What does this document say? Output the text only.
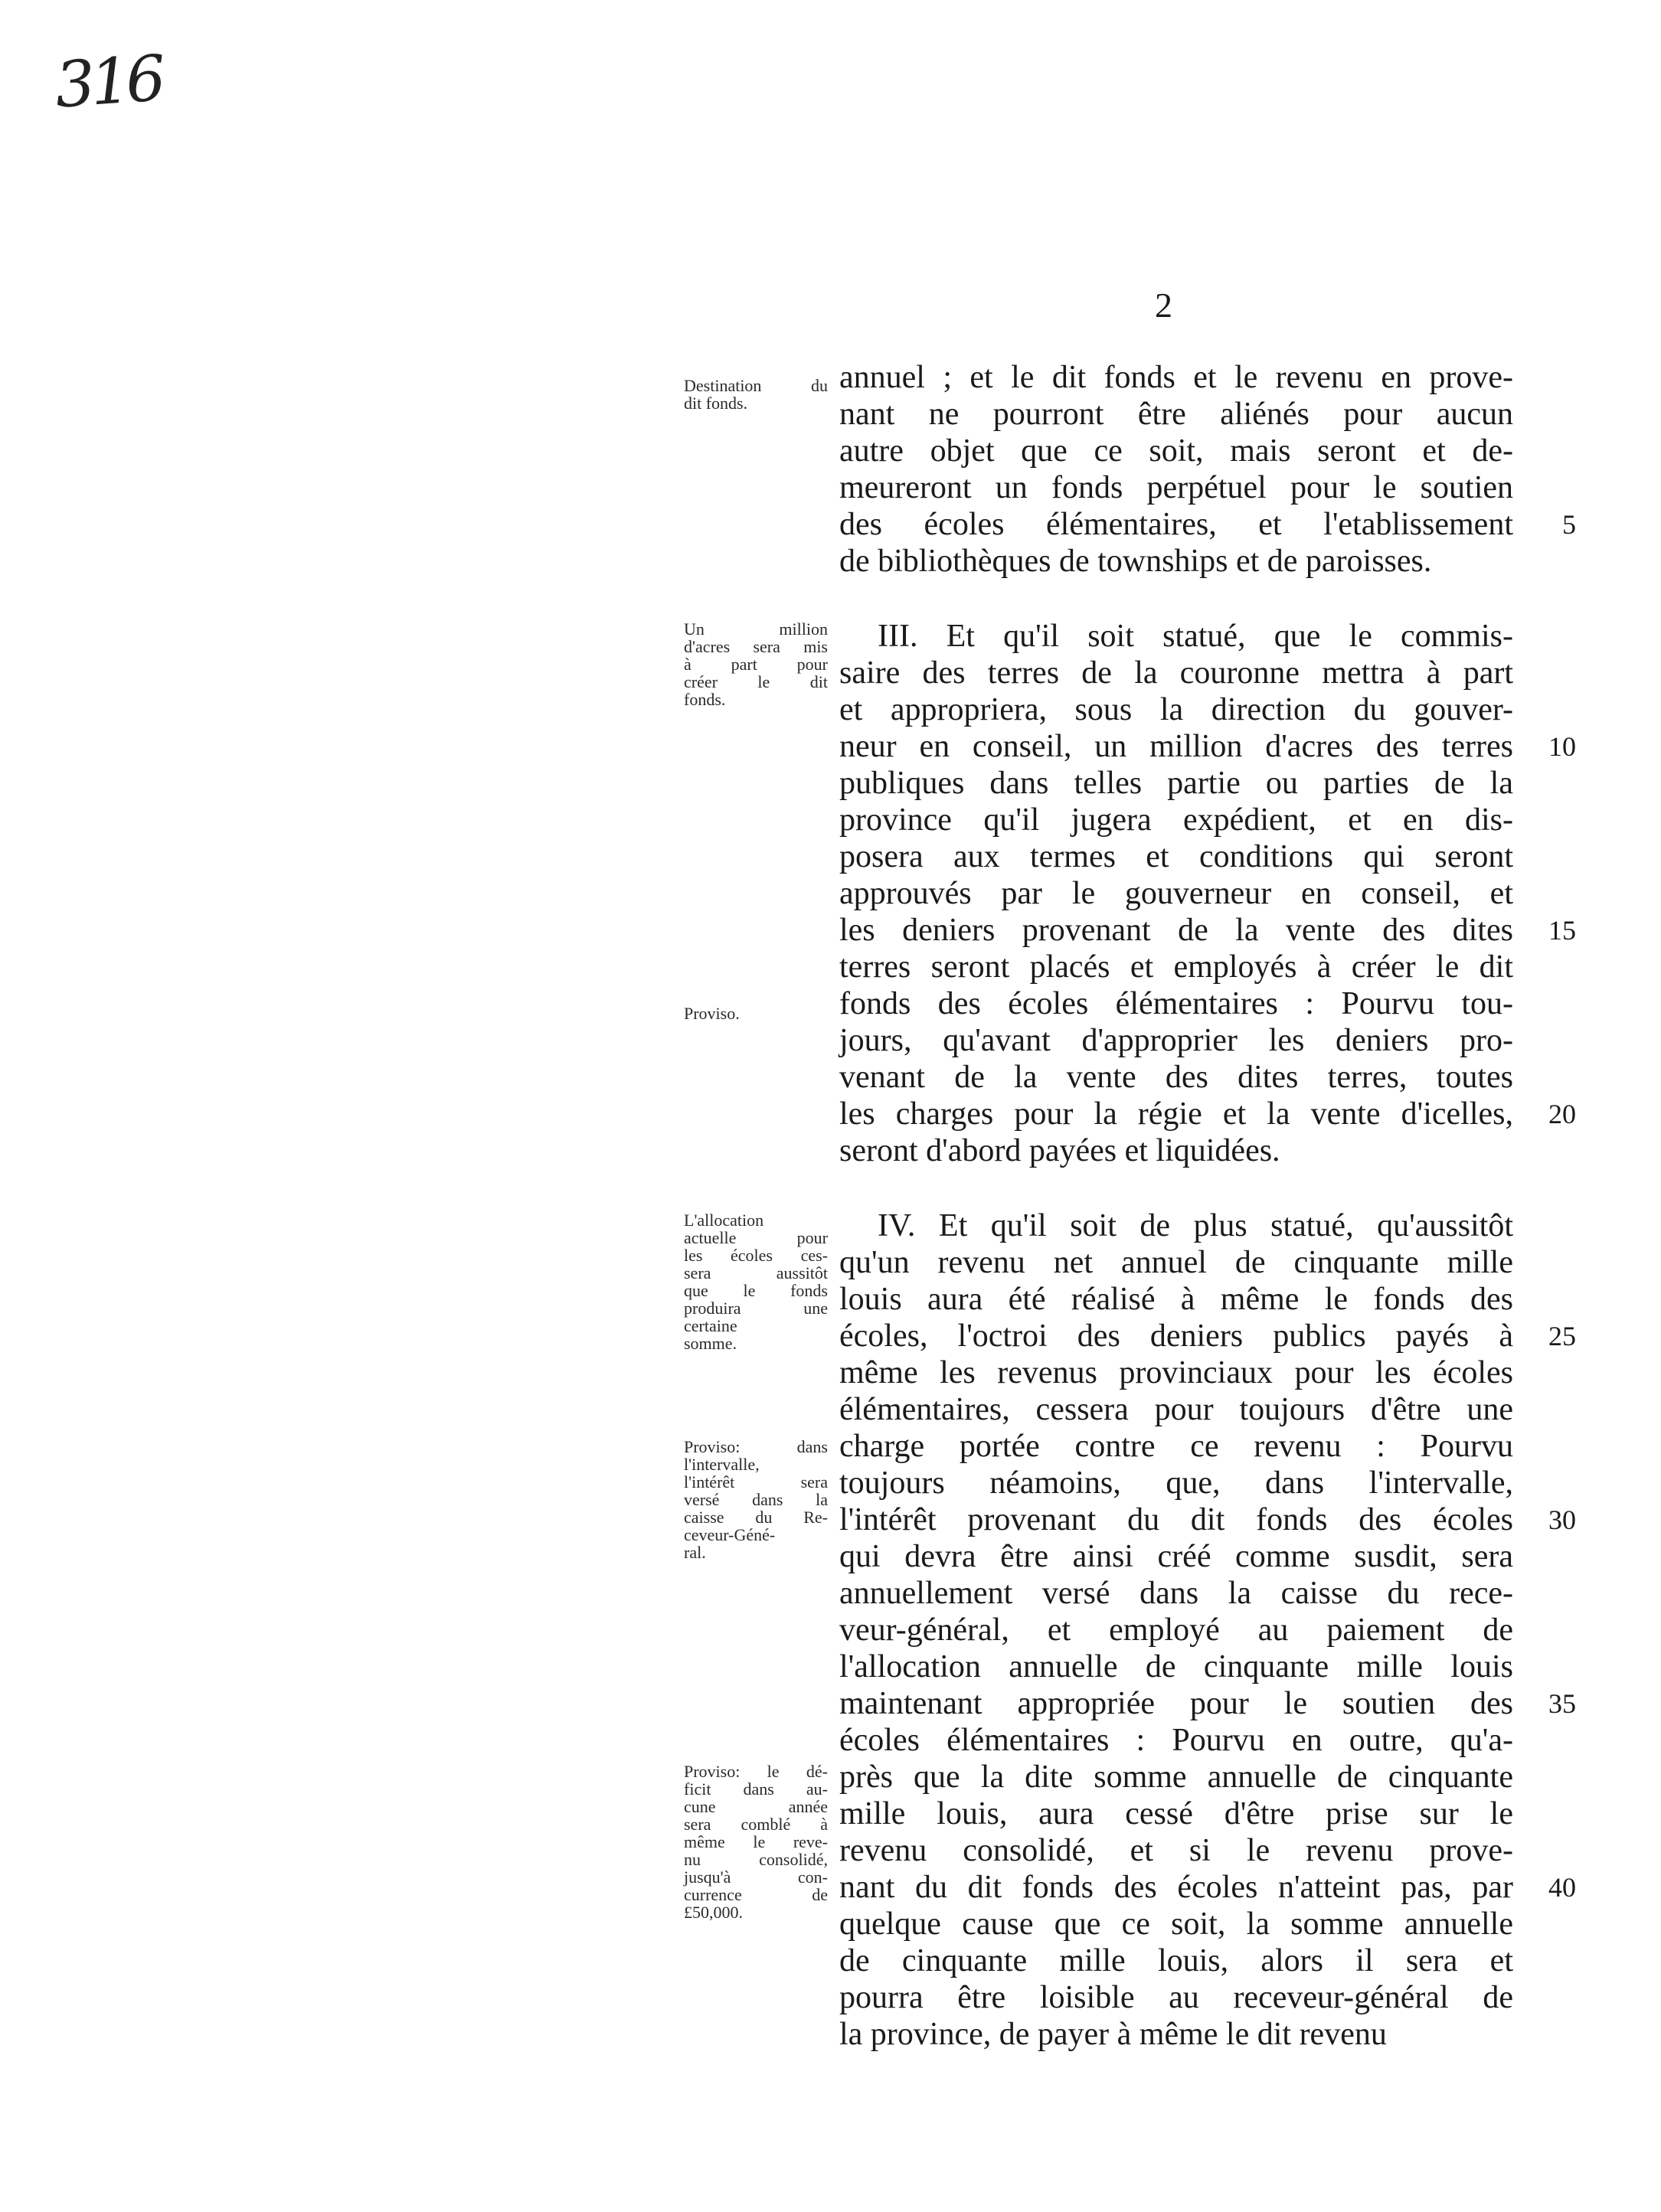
316
2
Destination du
dit fonds.
Un million
d'acres sera mis
à part pour
créer le dit
fonds.
Proviso.
L'allocation
actuelle pour
les écoles ces-
sera aussitôt
que le fonds
produira une
certaine
somme.
Proviso: dans
l'intervalle,
l'intérêt sera
versé dans la
caisse du Re-
ceveur-Géné-
ral.
Proviso: le dé-
ficit dans au-
cune année
sera comblé à
même le reve-
nu consolidé,
jusqu'à con-
currence de
£50,000.
annuel ; et le dit fonds et le revenu en prove-
nant ne pourront être aliénés pour aucun
autre objet que ce soit, mais seront et de-
meureront un fonds perpétuel pour le soutien
des écoles élémentaires, et l'etablissement
de bibliothèques de townships et de paroisses.
III. Et qu'il soit statué, que le commis-
saire des terres de la couronne mettra à part
et appropriera, sous la direction du gouver-
neur en conseil, un million d'acres des terres
publiques dans telles partie ou parties de la
province qu'il jugera expédient, et en dis-
posera aux termes et conditions qui seront
approuvés par le gouverneur en conseil, et
les deniers provenant de la vente des dites
terres seront placés et employés à créer le dit
fonds des écoles élémentaires : Pourvu tou-
jours, qu'avant d'approprier les deniers pro-
venant de la vente des dites terres, toutes
les charges pour la régie et la vente d'icelles,
seront d'abord payées et liquidées.
IV. Et qu'il soit de plus statué, qu'aussitôt
qu'un revenu net annuel de cinquante mille
louis aura été réalisé à même le fonds des
écoles, l'octroi des deniers publics payés à
même les revenus provinciaux pour les écoles
élémentaires, cessera pour toujours d'être une
charge portée contre ce revenu : Pourvu
toujours néamoins, que, dans l'intervalle,
l'intérêt provenant du dit fonds des écoles
qui devra être ainsi créé comme susdit, sera
annuellement versé dans la caisse du rece-
veur-général, et employé au paiement de
l'allocation annuelle de cinquante mille louis
maintenant appropriée pour le soutien des
écoles élémentaires : Pourvu en outre, qu'a-
près que la dite somme annuelle de cinquante
mille louis, aura cessé d'être prise sur le
revenu consolidé, et si le revenu prove-
nant du dit fonds des écoles n'atteint pas, par
quelque cause que ce soit, la somme annuelle
de cinquante mille louis, alors il sera et
pourra être loisible au receveur-général de
la province, de payer à même le dit revenu
5
10
15
20
25
30
35
40
